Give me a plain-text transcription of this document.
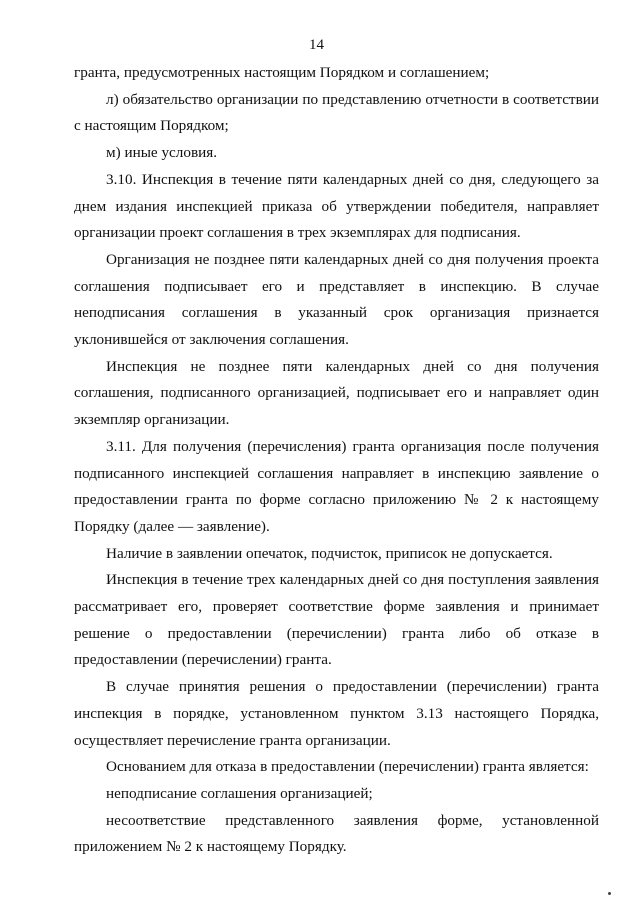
14

гранта, предусмотренных настоящим Порядком и соглашением;

л) обязательство организации по представлению отчетности в соответствии с настоящим Порядком;

м) иные условия.

3.10. Инспекция в течение пяти календарных дней со дня, следующего за днем издания инспекцией приказа об утверждении победителя, направляет организации проект соглашения в трех экземплярах для подписания.

Организация не позднее пяти календарных дней со дня получения проекта соглашения подписывает его и представляет в инспекцию. В случае неподписания соглашения в указанный срок организация признается уклонившейся от заключения соглашения.

Инспекция не позднее пяти календарных дней со дня получения соглашения, подписанного организацией, подписывает его и направляет один экземпляр организации.

3.11. Для получения (перечисления) гранта организация после получения подписанного инспекцией соглашения направляет в инспекцию заявление о предоставлении гранта по форме согласно приложению № 2 к настоящему Порядку (далее — заявление).

Наличие в заявлении опечаток, подчисток, приписок не допускается.

Инспекция в течение трех календарных дней со дня поступления заявления рассматривает его, проверяет соответствие форме заявления и принимает решение о предоставлении (перечислении) гранта либо об отказе в предоставлении (перечислении) гранта.

В случае принятия решения о предоставлении (перечислении) гранта инспекция в порядке, установленном пунктом 3.13 настоящего Порядка, осуществляет перечисление гранта организации.

Основанием для отказа в предоставлении (перечислении) гранта является:

неподписание соглашения организацией;

несоответствие представленного заявления форме, установленной приложением № 2 к настоящему Порядку.
